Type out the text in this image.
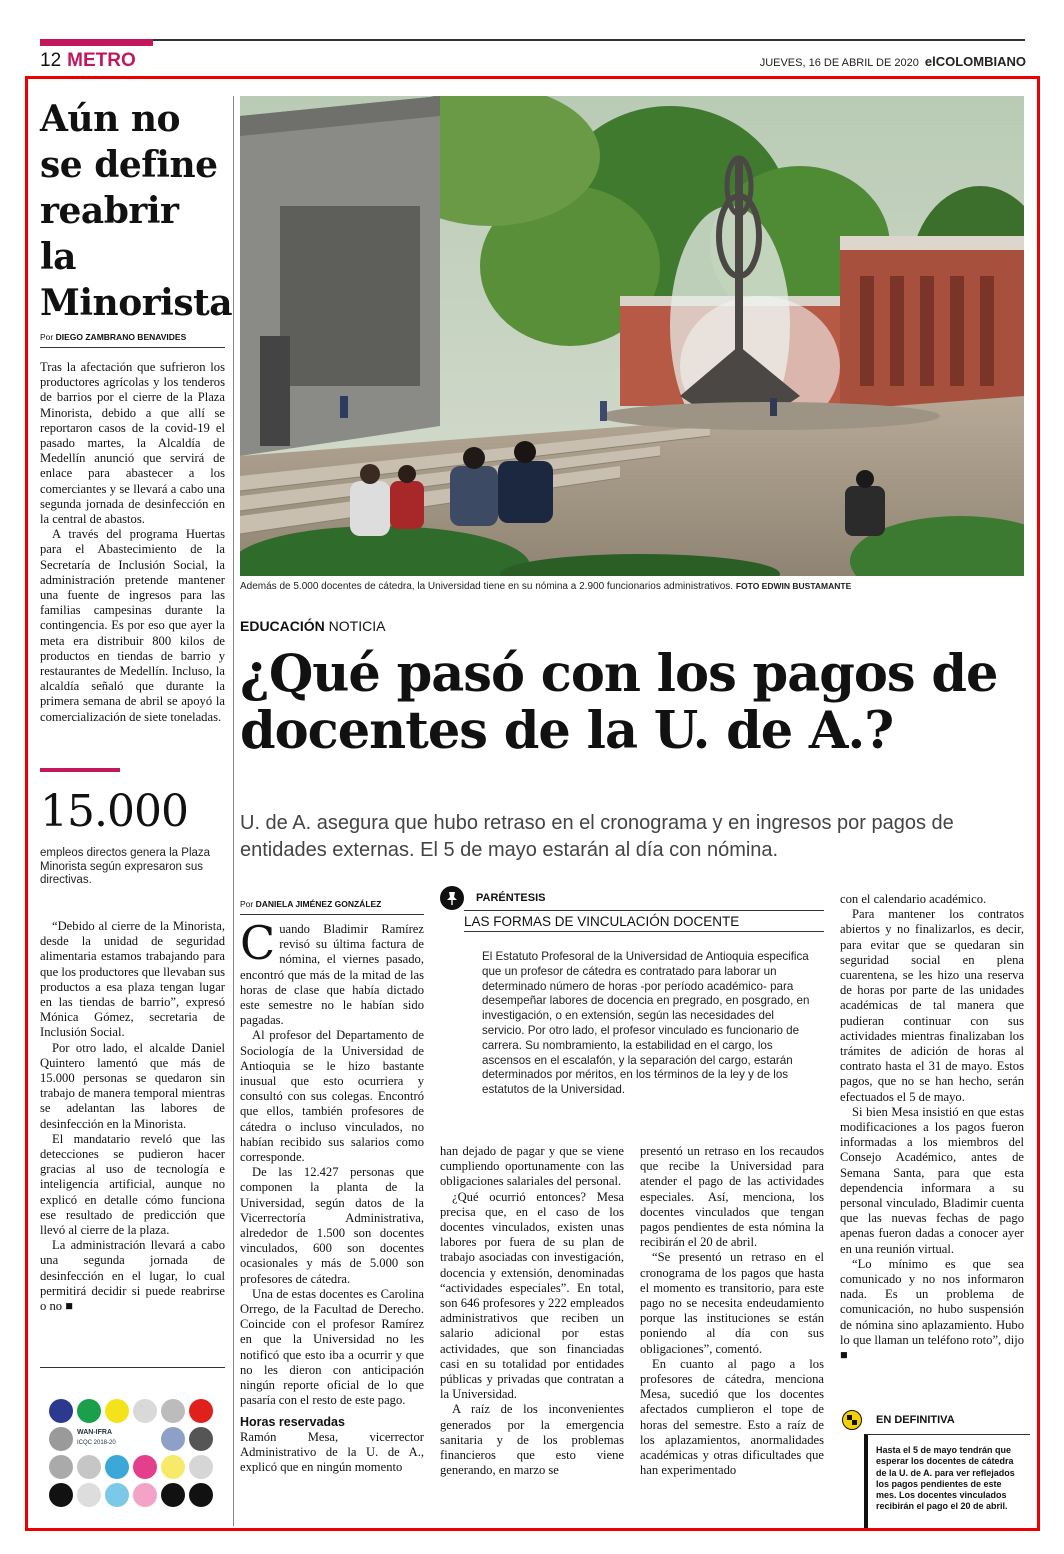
12 METRO	JUEVES, 16 DE ABRIL DE 2020 elCOLOMBIANO
Aún no se define reabrir la Minorista
Por DIEGO ZAMBRANO BENAVIDES

Tras la afectación que sufrieron los productores agrícolas y los tenderos de barrios por el cierre de la Plaza Minorista, debido a que allí se reportaron casos de la covid-19 el pasado martes, la Alcaldía de Medellín anunció que servirá de enlace para abastecer a los comerciantes y se llevará a cabo una segunda jornada de desinfección en la central de abastos.

A través del programa Huertas para el Abastecimiento de la Secretaría de Inclusión Social, la administración pretende mantener una fuente de ingresos para las familias campesinas durante la contingencia. Es por eso que ayer la meta era distribuir 800 kilos de productos en tiendas de barrio y restaurantes de Medellín. Incluso, la alcaldía señaló que durante la primera semana de abril se apoyó la comercialización de siete toneladas.

15.000
empleos directos genera la Plaza Minorista según expresaron sus directivas.

“Debido al cierre de la Minorista, desde la unidad de seguridad alimentaria estamos trabajando para que los productores que llevaban sus productos a esa plaza tengan lugar en las tiendas de barrio”, expresó Mónica Gómez, secretaria de Inclusión Social.

Por otro lado, el alcalde Daniel Quintero lamentó que más de 15.000 personas se quedaron sin trabajo de manera temporal mientras se adelantan las labores de desinfección en la Minorista.

El mandatario reveló que las detecciones se pudieron hacer gracias al uso de tecnología e inteligencia artificial, aunque no explicó en detalle cómo funciona ese resultado de predicción que llevó al cierre de la plaza.

La administración llevará a cabo una segunda jornada de desinfección en el lugar, lo cual permitirá decidir si puede reabrirse o no ■

WAN-IFRA
ICQC 2018-20
Además de 5.000 docentes de cátedra, la Universidad tiene en su nómina a 2.900 funcionarios administrativos. FOTO EDWIN BUSTAMANTE
EDUCACIÓN NOTICIA
¿Qué pasó con los pagos de docentes de la U. de A.?
U. de A. asegura que hubo retraso en el cronograma y en ingresos por pagos de entidades externas. El 5 de mayo estarán al día con nómina.
Por DANIELA JIMÉNEZ GONZÁLEZ

Cuando Bladimir Ramírez revisó su última factura de nómina, el viernes pasado, encontró que más de la mitad de las horas de clase que había dictado este semestre no le habían sido pagadas.

Al profesor del Departamento de Sociología de la Universidad de Antioquia se le hizo bastante inusual que esto ocurriera y consultó con sus colegas. Encontró que ellos, también profesores de cátedra o incluso vinculados, no habían recibido sus salarios como corresponde.

De las 12.427 personas que componen la planta de la Universidad, según datos de la Vicerrectoría Administrativa, alrededor de 1.500 son docentes vinculados, 600 son docentes ocasionales y más de 5.000 son profesores de cátedra.

Una de estas docentes es Carolina Orrego, de la Facultad de Derecho. Coincide con el profesor Ramírez en que la Universidad no les notificó que esto iba a ocurrir y que no les dieron con anticipación ningún reporte oficial de lo que pasaría con el resto de este pago.

Horas reservadas

Ramón Mesa, vicerrector Administrativo de la U. de A., explicó que en ningún momento

han dejado de pagar y que se viene cumpliendo oportunamente con las obligaciones salariales del personal.

¿Qué ocurrió entonces? Mesa precisa que, en el caso de los docentes vinculados, existen unas labores por fuera de su plan de trabajo asociadas con investigación, docencia y extensión, denominadas “actividades especiales”. En total, son 646 profesores y 222 empleados administrativos que reciben un salario adicional por estas actividades, que son financiadas casi en su totalidad por entidades públicas y privadas que contratan a la Universidad.

A raíz de los inconvenientes generados por la emergencia sanitaria y de los problemas financieros que esto viene generando, en marzo se

presentó un retraso en los recaudos que recibe la Universidad para atender el pago de las actividades especiales. Así, menciona, los docentes vinculados que tengan pagos pendientes de esta nómina la recibirán el 20 de abril.

“Se presentó un retraso en el cronograma de los pagos que hasta el momento es transitorio, para este pago no se necesita endeudamiento porque las instituciones se están poniendo al día con sus obligaciones”, comentó.

En cuanto al pago a los profesores de cátedra, menciona Mesa, sucedió que los docentes afectados cumplieron el tope de horas del semestre. Esto a raíz de los aplazamientos, anormalidades académicas y otras dificultades que han experimentado

con el calendario académico.

Para mantener los contratos abiertos y no finalizarlos, es decir, para evitar que se quedaran sin seguridad social en plena cuarentena, se les hizo una reserva de horas por parte de las unidades académicas de tal manera que pudieran continuar con sus actividades mientras finalizaban los trámites de adición de horas al contrato hasta el 31 de mayo. Estos pagos, que no se han hecho, serán efectuados el 5 de mayo.

Si bien Mesa insistió en que estas modificaciones a los pagos fueron informadas a los miembros del Consejo Académico, antes de Semana Santa, para que esta dependencia informara a su personal vinculado, Bladimir cuenta que las nuevas fechas de pago apenas fueron dadas a conocer ayer en una reunión virtual.

“Lo mínimo es que sea comunicado y no nos informaron nada. Es un problema de comunicación, no hubo suspensión de nómina sino aplazamiento. Hubo lo que llaman un teléfono roto”, dijo ■

PARÉNTESIS
LAS FORMAS DE VINCULACIÓN DOCENTE
El Estatuto Profesoral de la Universidad de Antioquia especifica que un profesor de cátedra es contratado para laborar un determinado número de horas -por período académico- para desempeñar labores de docencia en pregrado, en posgrado, en investigación, o en extensión, según las necesidades del servicio. Por otro lado, el profesor vinculado es funcionario de carrera. Su nombramiento, la estabilidad en el cargo, los ascensos en el escalafón, y la separación del cargo, estarán determinados por méritos, en los términos de la ley y de los estatutos de la Universidad.
EN DEFINITIVA
Hasta el 5 de mayo tendrán que esperar los docentes de cátedra de la U. de A. para ver reflejados los pagos pendientes de este mes. Los docentes vinculados recibirán el pago el 20 de abril.
